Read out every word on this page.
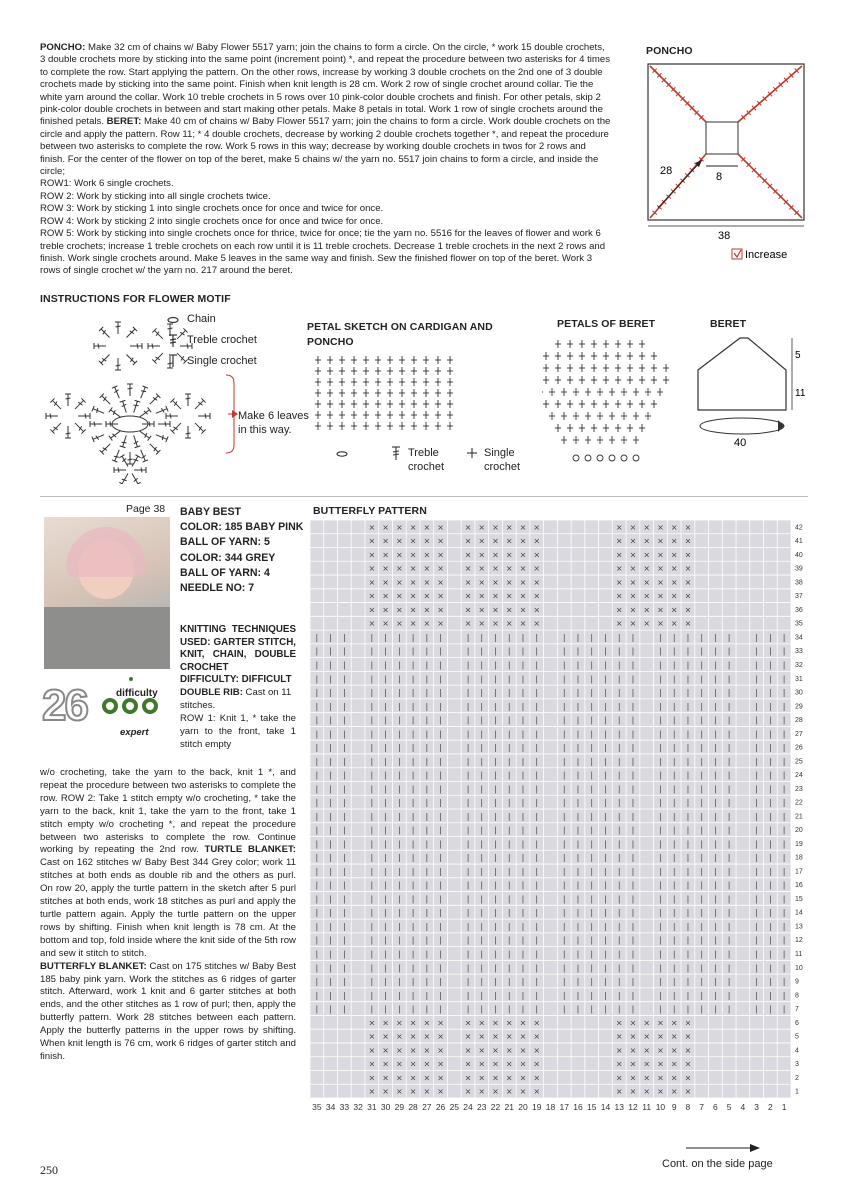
PONCHO: Make 32 cm of chains w/ Baby Flower 5517 yarn; join the chains to form a circle. On the circle, * work 15 double crochets, 3 double crochets more by sticking into the same point (increment point) *, and repeat the procedure between two asterisks for 4 times to complete the row. Start applying the pattern. On the other rows, increase by working 3 double crochets on the 2nd one of 3 double crochets made by sticking into the same point. Finish when knit length is 28 cm. Work 2 row of single crochet around collar. Tie the white yarn around the collar. Work 10 treble crochets in 5 rows over 10 pink-color double crochets and finish. For other petals, skip 2 pink-color double crochets in between and start making other petals. Make 8 petals in total. Work 1 row of single crochets around the finished petals. BERET: Make 40 cm of chains w/ Baby Flower 5517 yarn; join the chains to form a circle. Work double crochets on the circle and apply the pattern. Row 11; * 4 double crochets, decrease by working 2 double crochets together *, and repeat the procedure between two asterisks to complete the row. Work 5 rows in this way; decrease by working double crochets in twos for 2 rows and finish. For the center of the flower on top of the beret, make 5 chains w/ the yarn no. 5517 join chains to form a circle, and inside the circle;

ROW1: Work 6 single crochets.

ROW 2: Work by sticking into all single crochets twice.

ROW 3: Work by sticking 1 into single crochets once for once and twice for once.

ROW 4: Work by sticking 2 into single crochets once for once and twice for once.

ROW 5: Work by sticking into single crochets once for thrice, twice for once; tie the yarn no. 5516 for the leaves of flower and work 6 treble crochets; increase 1 treble crochets on each row until it is 11 treble crochets. Decrease 1 treble crochets in the next 2 rows and finish. Work single crochets around. Make 5 leaves in the same way and finish. Sew the finished flower on top of the beret. Work 3 rows of single crochet w/ the yarn no. 217 around the beret.

PONCHO
28	8
38
Increase
INSTRUCTIONS FOR FLOWER MOTIF
Chain
Treble crochet
Single crochet
Make 6 leaves
in this way.
PETAL SKETCH ON CARDIGAN AND
PONCHO
Treble
crochet
Single
crochet
PETALS OF BERET	BERET
5
11
40
Page 38 BABY BEST
COLOR: 185 BABY PINK
BALL OF YARN: 5
COLOR: 344 GREY
BALL OF YARN: 4
NEEDLE NO: 7
26	difficulty
expert

KNITTING TECHNIQUES USED: GARTER STITCH, KNIT, CHAIN, DOUBLE CROCHET

DIFFICULTY: DIFFICULT

DOUBLE RIB: Cast on 11 stitches.

ROW 1: Knit 1, * take the yarn to the front, take 1 stitch empty

w/o crocheting, take the yarn to the back, knit 1 *, and repeat the procedure between two asterisks to complete the row. ROW 2: Take 1 stitch empty w/o crocheting, * take the yarn to the back, knit 1, take the yarn to the front, take 1 stitch empty w/o crocheting *, and repeat the procedure between two asterisks to complete the row. Continue working by repeating the 2nd row. TURTLE BLANKET: Cast on 162 stitches w/ Baby Best 344 Grey color; work 11 stitches at both ends as double rib and the others as purl. On row 20, apply the turtle pattern in the sketch after 5 purl stitches at both ends, work 18 stitches as purl and apply the turtle pattern again. Apply the turtle pattern on the upper rows by shifting. Finish when knit length is 78 cm. At the bottom and top, fold inside where the knit side of the 5th row and sew it stitch to stitch.

BUTTERFLY BLANKET: Cast on 175 stitches w/ Baby Best 185 baby pink yarn. Work the stitches as 6 ridges of garter stitch. Afterward, work 1 knit and 6 garter stitches at both ends, and the other stitches as 1 row of purl; then, apply the butterfly pattern. Work 28 stitches between each pattern. Apply the butterfly patterns in the upper rows by shifting. When knit length is 76 cm, work 6 ridges of garter stitch and finish.

BUTTERFLY PATTERN
× × × × × ×	× × × × × ×	× × × × × ×
× × × × × ×	× × × × × ×	× × × × × ×
× × × × × ×	× × × × × ×	× × × × × ×
× × × × × ×	× × × × × ×	× × × × × ×
× × × × × ×	× × × × × ×	× × × × × ×
× × × × × ×	× × × × × ×	× × × × × ×
× × × × × ×	× × × × × ×	× × × × × ×
× × × × × ×	× × × × × ×	× × × × × ×
| | |	| | | | | |	| | | | | |	| | | | | |	| | | | | |	| | |
| | |	| | | | | |	| | | | | |	| | | | | |	| | | | | |	| | |
| | |	| | | | | |	| | | | | |	| | | | | |	| | | | | |	| | |
| | |	| | | | | |	| | | | | |	| | | | | |	| | | | | |	| | |
| | |	| | | | | |	| | | | | |	| | | | | |	| | | | | |	| | |
| | |	| | | | | |	| | | | | |	| | | | | |	| | | | | |	| | |
| | |	| | | | | |	| | | | | |	| | | | | |	| | | | | |	| | |
| | |	| | | | | |	| | | | | |	| | | | | |	| | | | | |	| | |
| | |	| | | | | |	| | | | | |	| | | | | |	| | | | | |	| | |
| | |	| | | | | |	| | | | | |	| | | | | |	| | | | | |	| | |
| | |	| | | | | |	| | | | | |	| | | | | |	| | | | | |	| | |
| | |	| | | | | |	| | | | | |	| | | | | |	| | | | | |	| | |
| | |	| | | | | |	| | | | | |	| | | | | |	| | | | | |	| | |
| | |	| | | | | |	| | | | | |	| | | | | |	| | | | | |	| | |
| | |	| | | | | |	| | | | | |	| | | | | |	| | | | | |	| | |
| | |	| | | | | |	| | | | | |	| | | | | |	| | | | | |	| | |
| | |	| | | | | |	| | | | | |	| | | | | |	| | | | | |	| | |
| | |	| | | | | |	| | | | | |	| | | | | |	| | | | | |	| | |
| | |	| | | | | |	| | | | | |	| | | | | |	| | | | | |	| | |
| | |	| | | | | |	| | | | | |	| | | | | |	| | | | | |	| | |
| | |	| | | | | |	| | | | | |	| | | | | |	| | | | | |	| | |
| | |	| | | | | |	| | | | | |	| | | | | |	| | | | | |	| | |
| | |	| | | | | |	| | | | | |	| | | | | |	| | | | | |	| | |
| | |	| | | | | |	| | | | | |	| | | | | |	| | | | | |	| | |
| | |	| | | | | |	| | | | | |	| | | | | |	| | | | | |	| | |
| | |	| | | | | |	| | | | | |	| | | | | |	| | | | | |	| | |
| | |	| | | | | |	| | | | | |	| | | | | |	| | | | | |	| | |
| | |	| | | | | |	| | | | | |	| | | | | |	| | | | | |	| | |
× × × × × ×	× × × × × ×	× × × × × ×
× × × × × ×	× × × × × ×	× × × × × ×
× × × × × ×	× × × × × ×	× × × × × ×
× × × × × ×	× × × × × ×	× × × × × ×
× × × × × ×	× × × × × ×	× × × × × ×
× × × × × ×	× × × × × ×	× × × × × ×
42
41
40
39
38
37
36
35
34
33
32
31
30
29
28
27
26
25
24
23
22
21
20
19
18
17
16
15
14
13
12
11
10
9
8
7
6
5
4
3
2
1
35 34 33 32 31 30 29 28 27 26 25 24 23 22 21 20 19 18 17 16 15 14 13 12 11 10 9 8 7 6 5 4 3 2 1
250	Cont. on the side page
